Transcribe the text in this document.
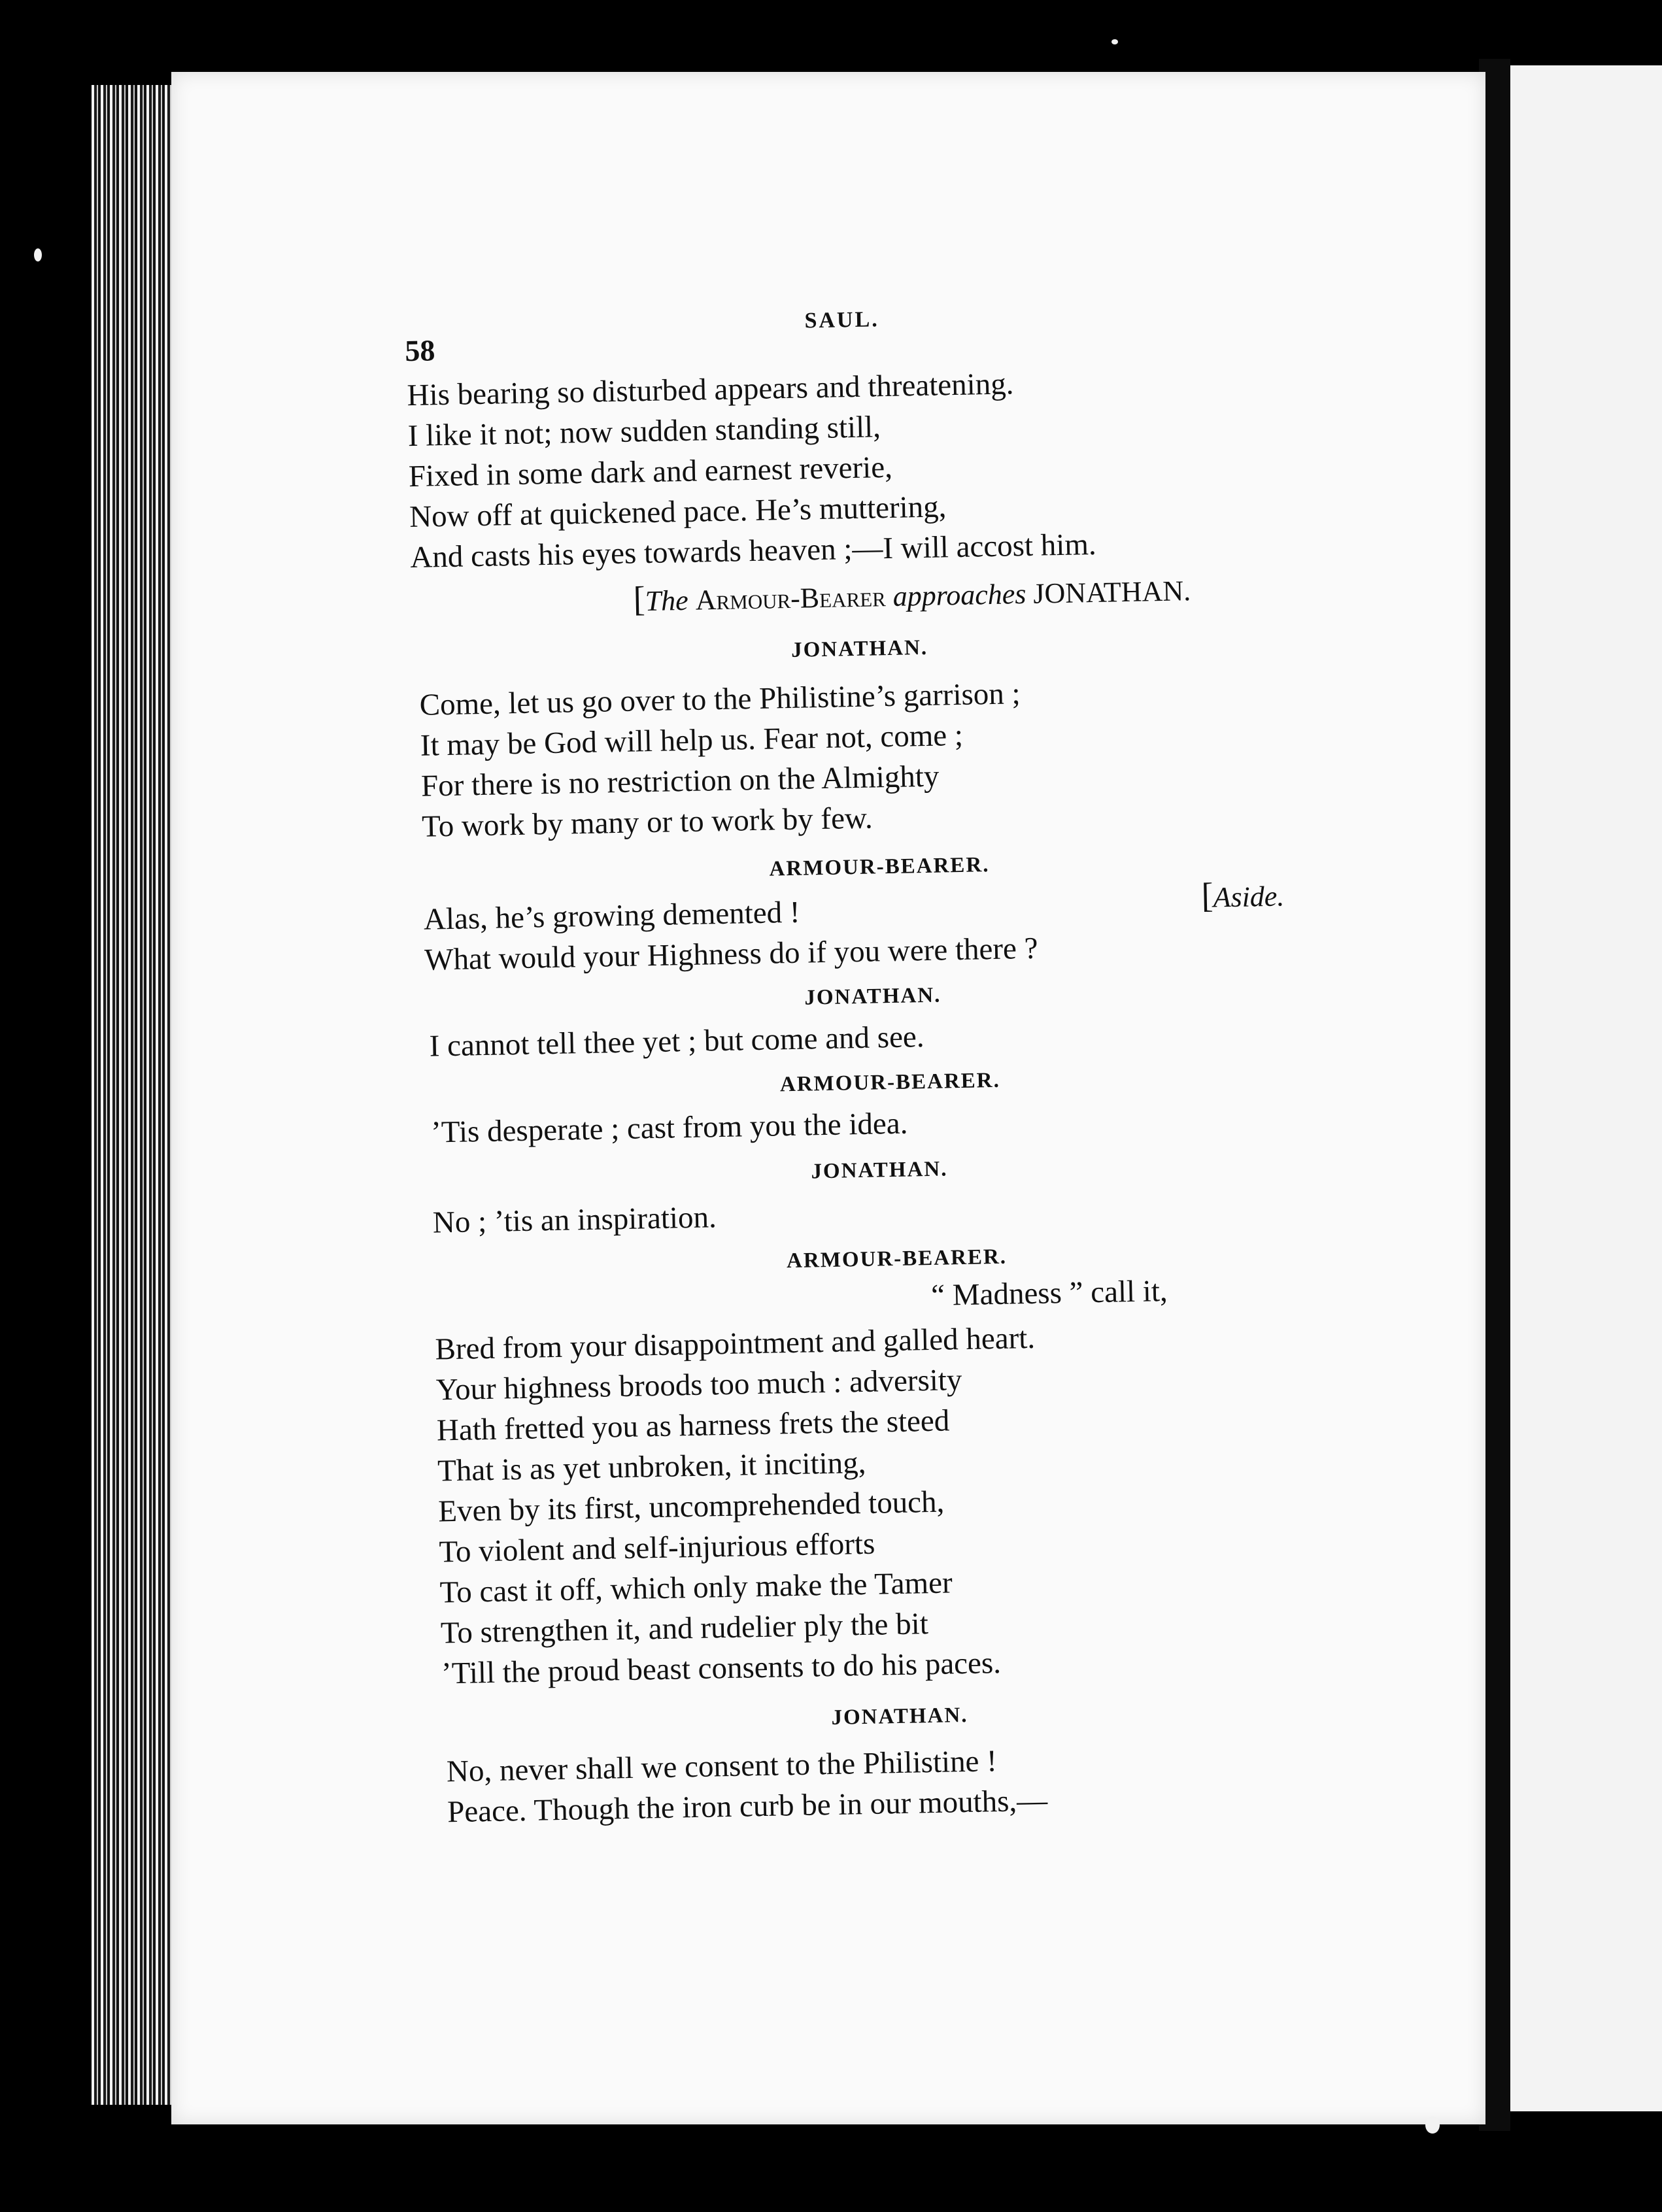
58
SAUL.
His bearing so disturbed appears and threatening.
I like it not; now sudden standing still,
Fixed in some dark and earnest reverie,
Now off at quickened pace. He’s muttering,
And casts his eyes towards heaven ;—I will accost him.
[The Armour-Bearer approaches JONATHAN.
JONATHAN.
Come, let us go over to the Philistine’s garrison ;
It may be God will help us. Fear not, come ;
For there is no restriction on the Almighty
To work by many or to work by few.
ARMOUR-BEARER.
[Aside.
Alas, he’s growing demented !
What would your Highness do if you were there ?
JONATHAN.
I cannot tell thee yet ; but come and see.
ARMOUR-BEARER.
’Tis desperate ; cast from you the idea.
JONATHAN.
No ; ’tis an inspiration.
ARMOUR-BEARER.
“ Madness ” call it,
Bred from your disappointment and galled heart.
Your highness broods too much : adversity
Hath fretted you as harness frets the steed
That is as yet unbroken, it inciting,
Even by its first, uncomprehended touch,
To violent and self-injurious efforts
To cast it off, which only make the Tamer
To strengthen it, and rudelier ply the bit
’Till the proud beast consents to do his paces.
JONATHAN.
No, never shall we consent to the Philistine !
Peace. Though the iron curb be in our mouths,—
